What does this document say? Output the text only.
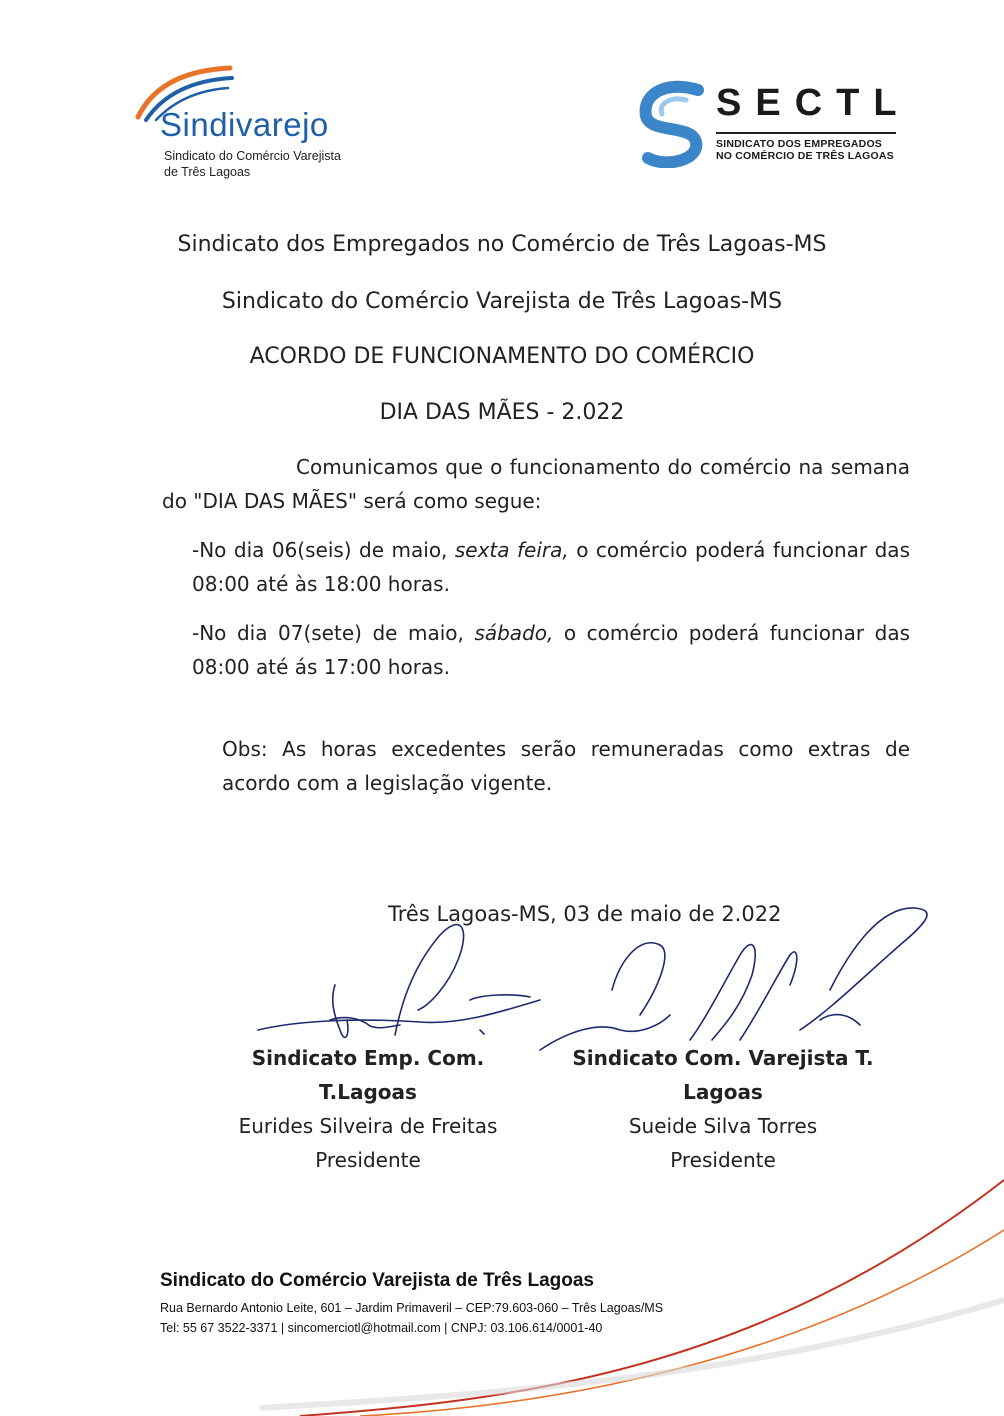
Sindivarejo
Sindicato do Comércio Varejista
de Três Lagoas
SECTL
SINDICATO DOS EMPREGADOS
NO COMÉRCIO DE TRÊS LAGOAS
Sindicato dos Empregados no Comércio de Três Lagoas-MS
Sindicato do Comércio Varejista de Três Lagoas-MS
ACORDO DE FUNCIONAMENTO DO COMÉRCIO
DIA DAS MÃES - 2.022
Comunicamos que o funcionamento do comércio na semana do "DIA DAS MÃES" será como segue:
-No dia 06(seis) de maio, sexta feira, o comércio poderá funcionar das 08:00 até às 18:00 horas.
-No dia 07(sete) de maio, sábado, o comércio poderá funcionar das 08:00 até ás 17:00 horas.
Obs: As horas excedentes serão remuneradas como extras de acordo com a legislação vigente.
Três Lagoas-MS, 03 de maio de 2.022
Sindicato Emp. Com. T.Lagoas
Eurides Silveira de Freitas
Presidente
Sindicato Com. Varejista T. Lagoas
Sueide Silva Torres
Presidente
Sindicato do Comércio Varejista de Três Lagoas
Rua Bernardo Antonio Leite, 601 – Jardim Primaveril – CEP:79.603-060 – Três Lagoas/MS
Tel: 55 67 3522-3371 | sincomerciotl@hotmail.com | CNPJ: 03.106.614/0001-40
